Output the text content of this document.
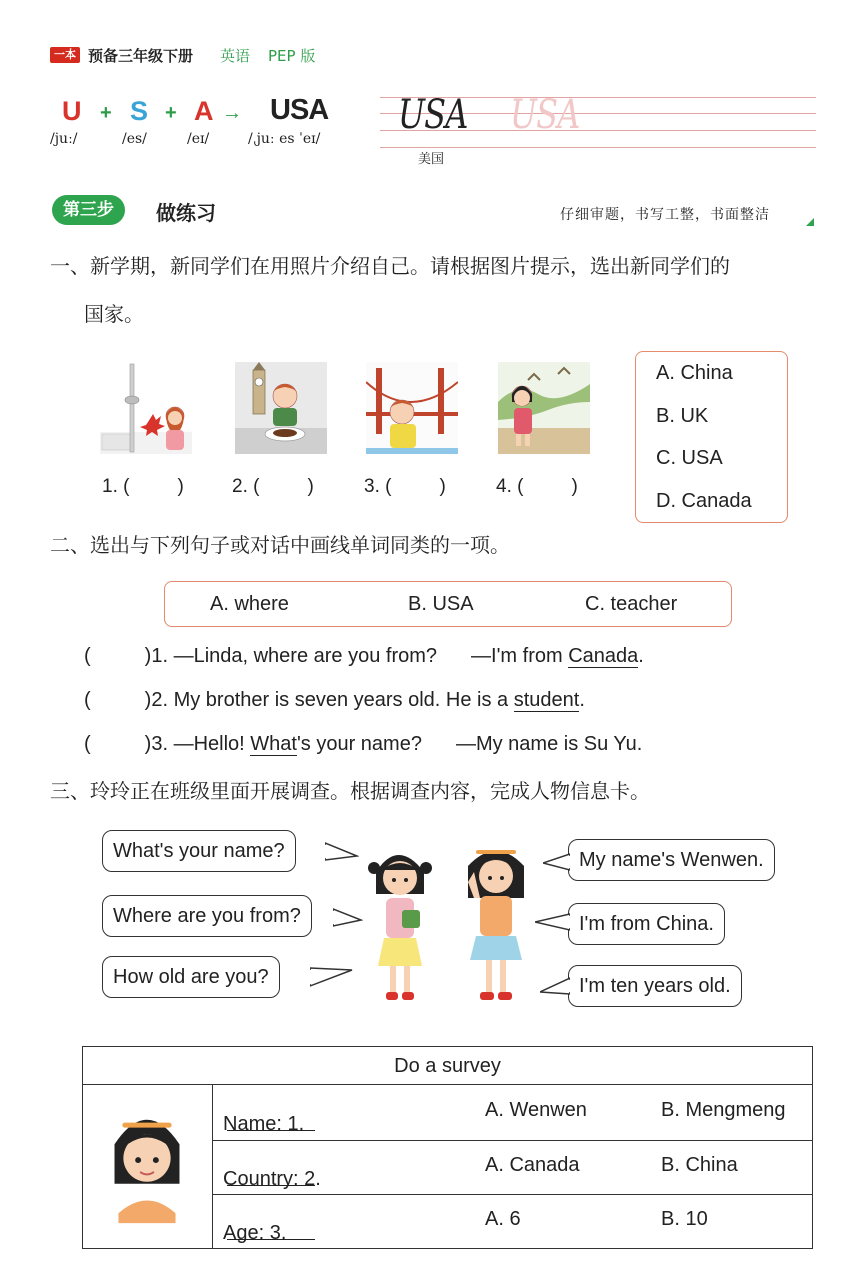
一本 预备三年级下册 英语 PEP 版
U + S + A → USA
/juː/	/es/	/eɪ/	/ˌjuː es ˈeɪ/
USA USA
美国
第三步	做练习	仔细审题，书写工整，书面整洁
一、新学期，新同学们在用照片介绍自己。请根据图片提示，选出新同学们的
国家。
1. (	)	2. (	)	3. (	)	4. (	)
A. China
B. UK
C. USA
D. Canada
二、选出与下列句子或对话中画线单词同类的一项。
A. where	B. USA	C. teacher
(	)1. —Linda, where are you from? —I'm from Canada.
(	)2. My brother is seven years old. He is a student.
(	)3. —Hello! What's your name? —My name is Su Yu.
三、玲玲正在班级里面开展调查。根据调查内容，完成人物信息卡。
What's your name?
Where are you from?
How old are you?
My name's Wenwen.
I'm from China.
I'm ten years old.
Do a survey
Name: 1.
A. Wenwen	B. Mengmeng
Country: 2.
A. Canada	B. China
Age: 3.
A. 6	B. 10
